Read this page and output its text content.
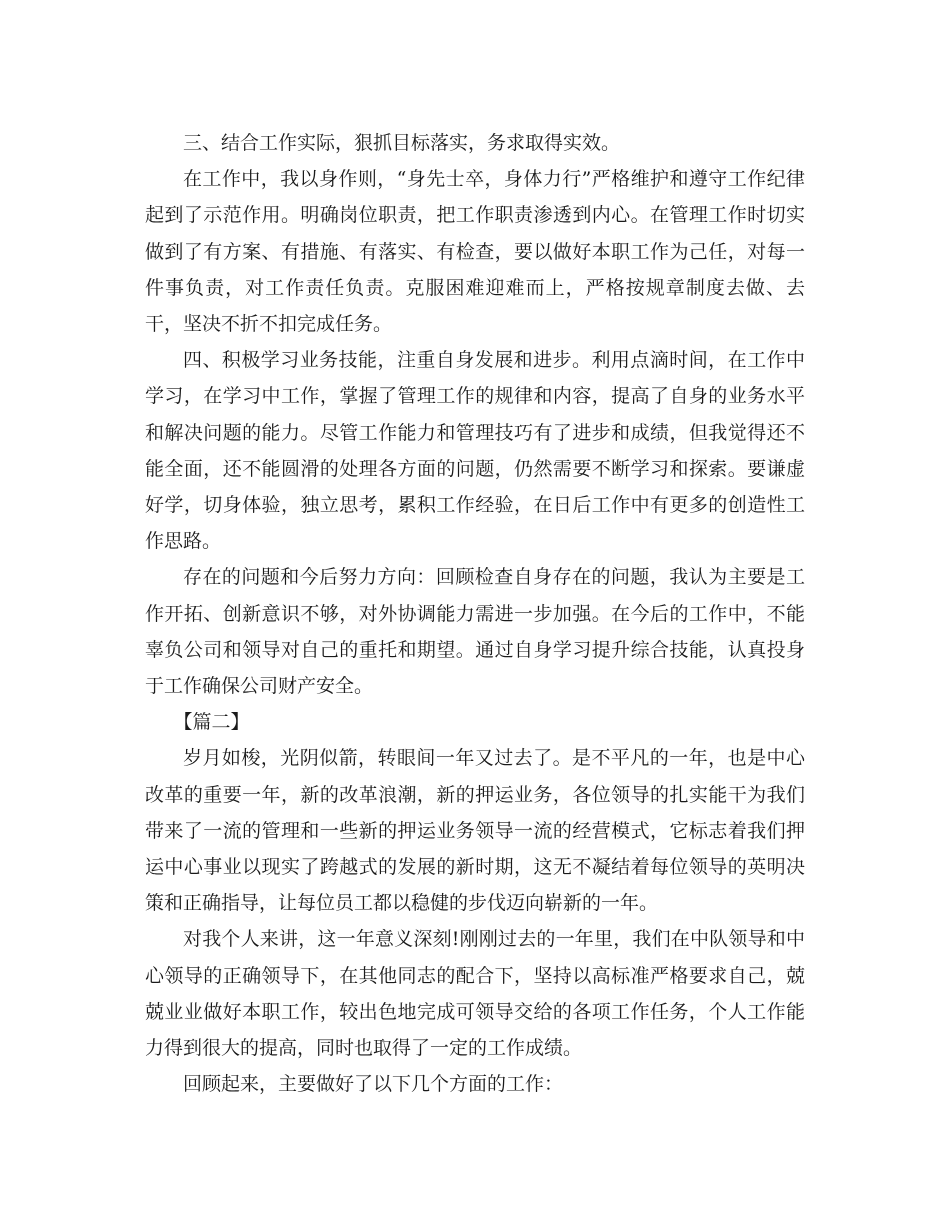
三、结合工作实际，狠抓目标落实，务求取得实效。

在工作中，我以身作则，“身先士卒，身体力行”严格维护和遵守工作纪律起到了示范作用。明确岗位职责，把工作职责渗透到内心。在管理工作时切实做到了有方案、有措施、有落实、有检查，要以做好本职工作为己任，对每一件事负责，对工作责任负责。克服困难迎难而上，严格按规章制度去做、去干，坚决不折不扣完成任务。

四、积极学习业务技能，注重自身发展和进步。利用点滴时间，在工作中学习，在学习中工作，掌握了管理工作的规律和内容，提高了自身的业务水平和解决问题的能力。尽管工作能力和管理技巧有了进步和成绩，但我觉得还不能全面，还不能圆滑的处理各方面的问题，仍然需要不断学习和探索。要谦虚好学，切身体验，独立思考，累积工作经验，在日后工作中有更多的创造性工作思路。

存在的问题和今后努力方向：回顾检查自身存在的问题，我认为主要是工作开拓、创新意识不够，对外协调能力需进一步加强。在今后的工作中，不能辜负公司和领导对自己的重托和期望。通过自身学习提升综合技能，认真投身于工作确保公司财产安全。

【篇二】

岁月如梭，光阴似箭，转眼间一年又过去了。是不平凡的一年，也是中心改革的重要一年，新的改革浪潮，新的押运业务，各位领导的扎实能干为我们带来了一流的管理和一些新的押运业务领导一流的经营模式，它标志着我们押运中心事业以现实了跨越式的发展的新时期，这无不凝结着每位领导的英明决策和正确指导，让每位员工都以稳健的步伐迈向崭新的一年。

对我个人来讲，这一年意义深刻!刚刚过去的一年里，我们在中队领导和中心领导的正确领导下，在其他同志的配合下，坚持以高标准严格要求自己，兢兢业业做好本职工作，较出色地完成可领导交给的各项工作任务，个人工作能力得到很大的提高，同时也取得了一定的工作成绩。

回顾起来，主要做好了以下几个方面的工作：
